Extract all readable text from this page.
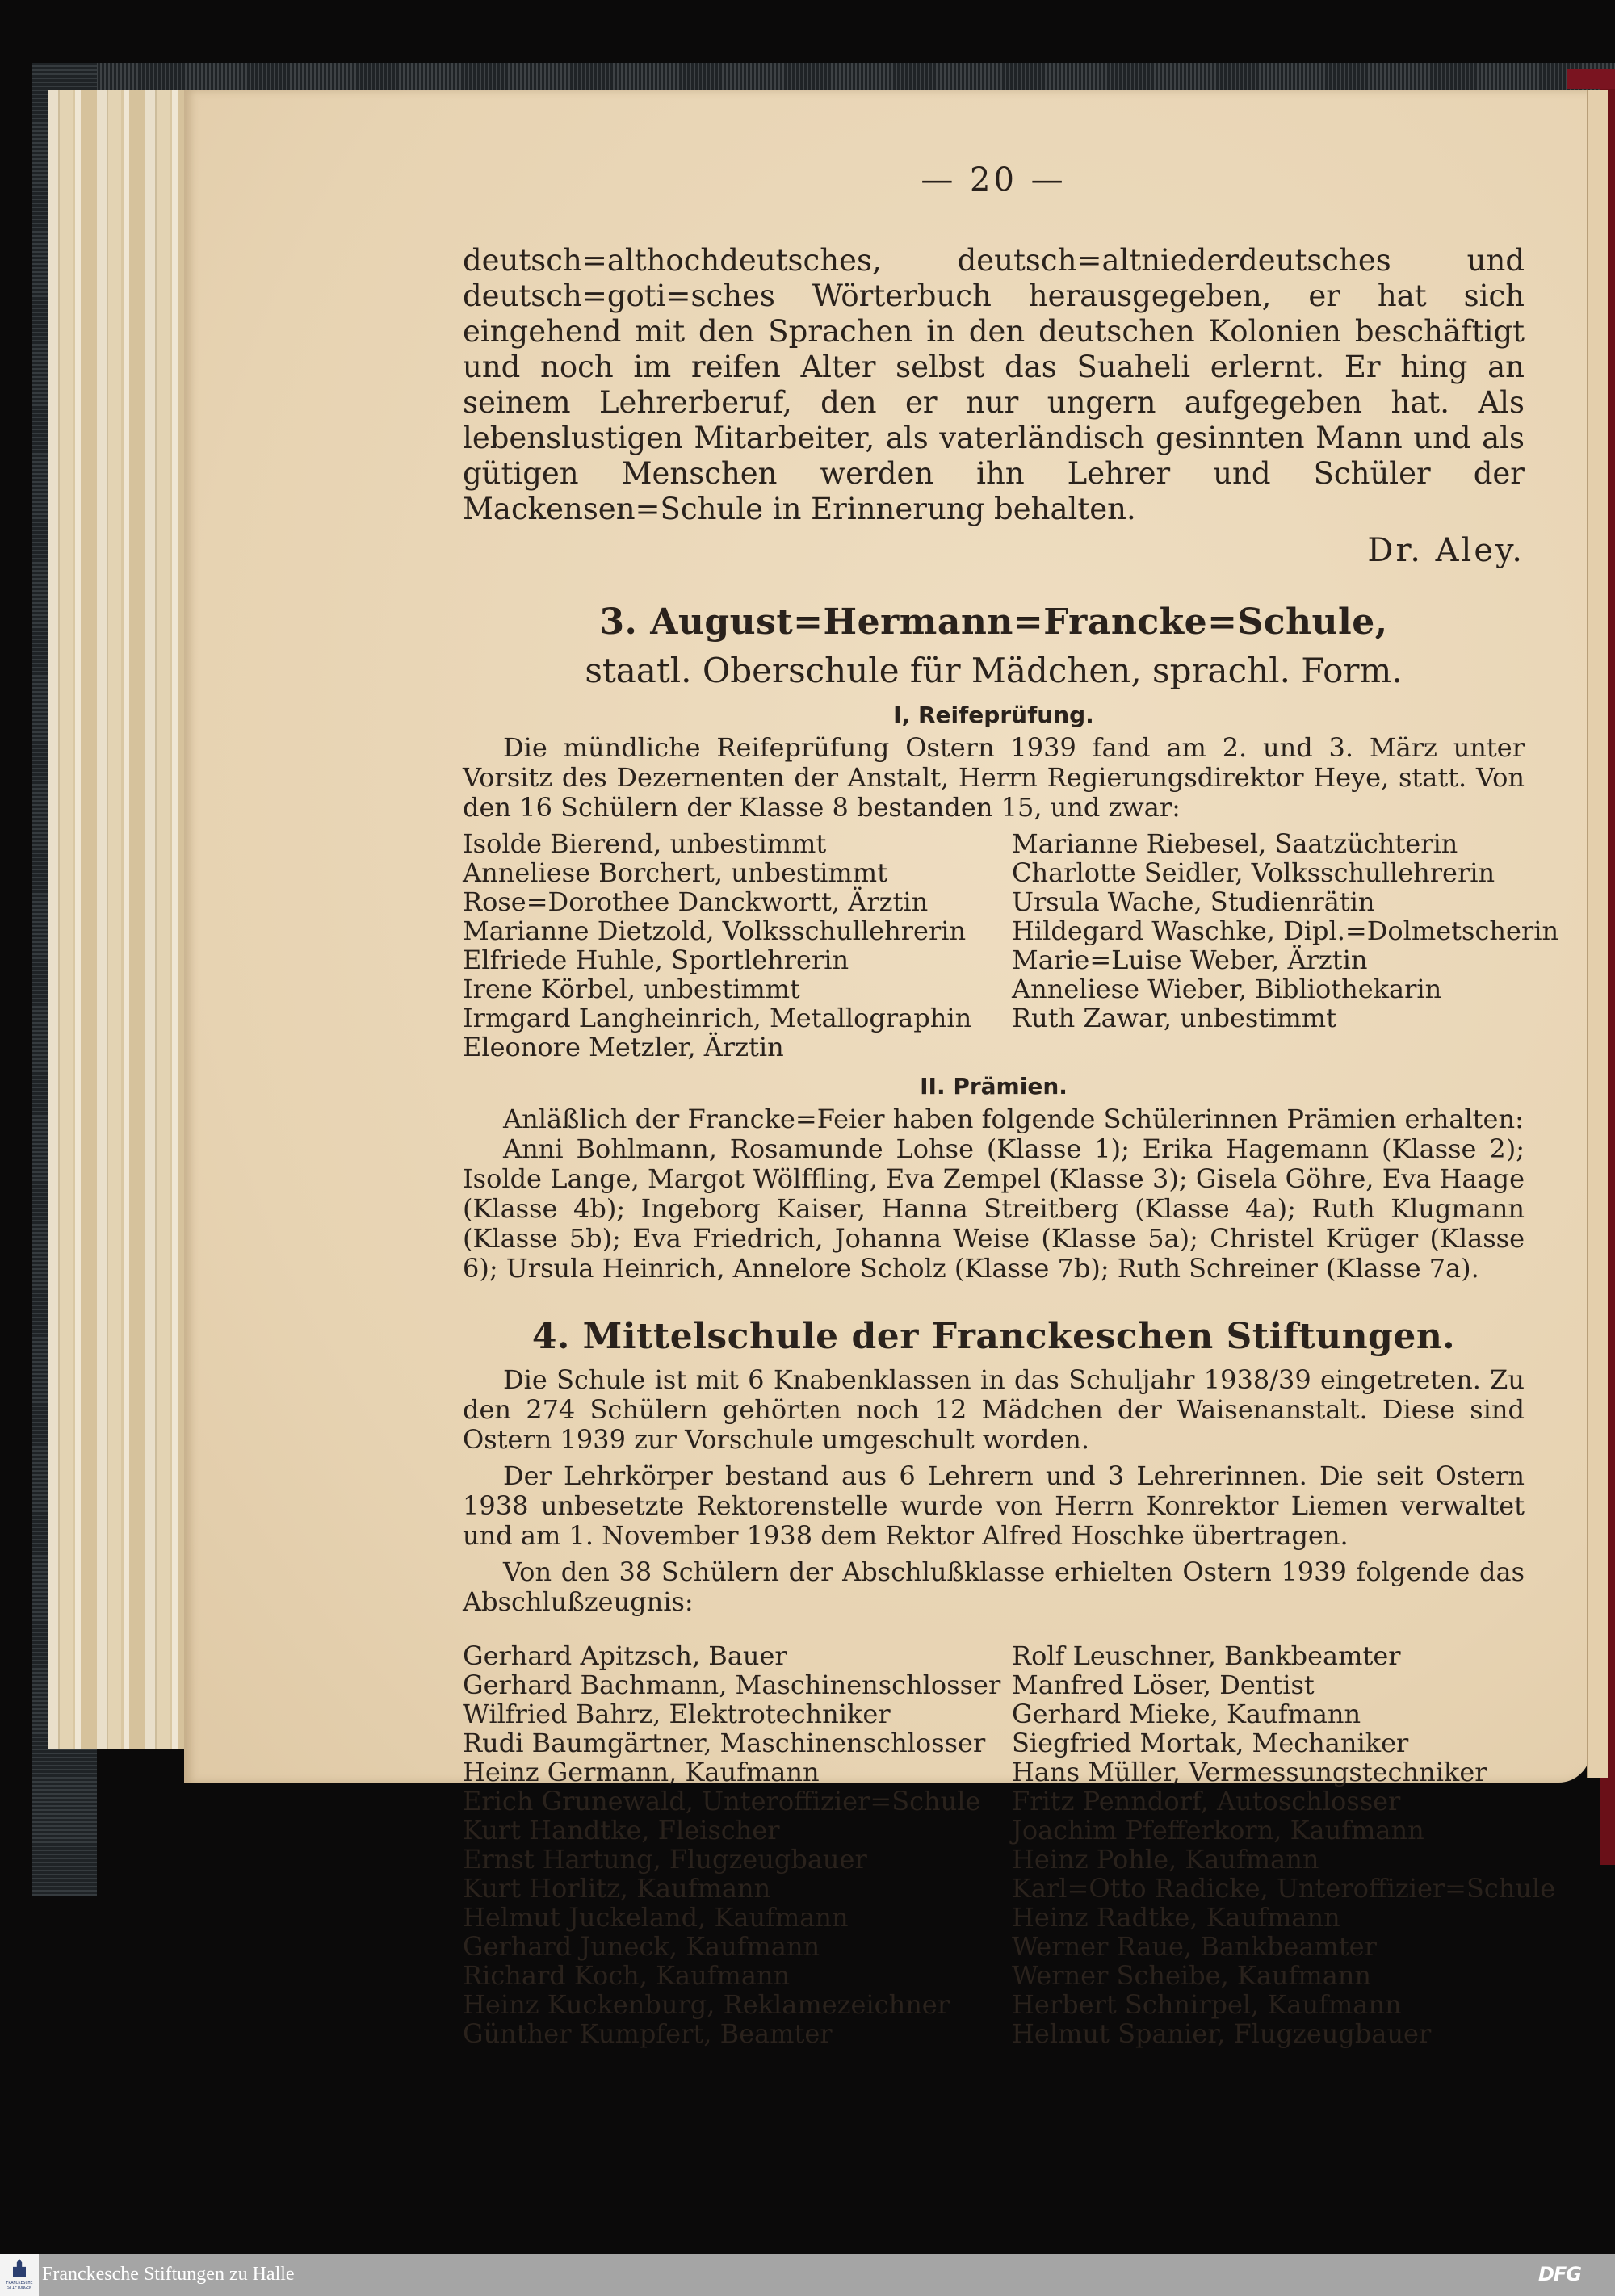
— 20 —

deutsch=althochdeutsches, deutsch=altniederdeutsches und deutsch=goti=sches Wörterbuch herausgegeben, er hat sich eingehend mit den Sprachen in den deutschen Kolonien beschäftigt und noch im reifen Alter selbst das Suaheli erlernt. Er hing an seinem Lehrerberuf, den er nur ungern aufgegeben hat. Als lebenslustigen Mitarbeiter, als vaterländisch gesinnten Mann und als gütigen Menschen werden ihn Lehrer und Schüler der Mackensen=Schule in Erinnerung behalten.

Dr. Aley.
3. August=Hermann=Francke=Schule,
staatl. Oberschule für Mädchen, sprachl. Form.
I, Reifeprüfung.

Die mündliche Reifeprüfung Ostern 1939 fand am 2. und 3. März unter Vorsitz des Dezernenten der Anstalt, Herrn Regierungsdirektor Heye, statt. Von den 16 Schülern der Klasse 8 bestanden 15, und zwar:

Isolde Bierend, unbestimmt
Anneliese Borchert, unbestimmt
Rose=Dorothee Danckwortt, Ärztin
Marianne Dietzold, Volksschullehrerin
Elfriede Huhle, Sportlehrerin
Irene Körbel, unbestimmt
Irmgard Langheinrich, Metallographin
Eleonore Metzler, Ärztin
Marianne Riebesel, Saatzüchterin
Charlotte Seidler, Volksschullehrerin
Ursula Wache, Studienrätin
Hildegard Waschke, Dipl.=Dolmetscherin
Marie=Luise Weber, Ärztin
Anneliese Wieber, Bibliothekarin
Ruth Zawar, unbestimmt
II. Prämien.

Anläßlich der Francke=Feier haben folgende Schülerinnen Prämien erhalten:

Anni Bohlmann, Rosamunde Lohse (Klasse 1); Erika Hagemann (Klasse 2); Isolde Lange, Margot Wölffling, Eva Zempel (Klasse 3); Gisela Göhre, Eva Haage (Klasse 4b); Ingeborg Kaiser, Hanna Streitberg (Klasse 4a); Ruth Klugmann (Klasse 5b); Eva Friedrich, Johanna Weise (Klasse 5a); Christel Krüger (Klasse 6); Ursula Heinrich, Annelore Scholz (Klasse 7b); Ruth Schreiner (Klasse 7a).

4. Mittelschule der Franckeschen Stiftungen.

Die Schule ist mit 6 Knabenklassen in das Schuljahr 1938/39 eingetreten. Zu den 274 Schülern gehörten noch 12 Mädchen der Waisenanstalt. Diese sind Ostern 1939 zur Vorschule umgeschult worden.

Der Lehrkörper bestand aus 6 Lehrern und 3 Lehrerinnen. Die seit Ostern 1938 unbesetzte Rektorenstelle wurde von Herrn Konrektor Liemen verwaltet und am 1. November 1938 dem Rektor Alfred Hoschke übertragen.

Von den 38 Schülern der Abschlußklasse erhielten Ostern 1939 folgende das Abschlußzeugnis:

Gerhard Apitzsch, Bauer
Gerhard Bachmann, Maschinenschlosser
Wilfried Bahrz, Elektrotechniker
Rudi Baumgärtner, Maschinenschlosser
Heinz Germann, Kaufmann
Erich Grunewald, Unteroffizier=Schule
Kurt Handtke, Fleischer
Ernst Hartung, Flugzeugbauer
Kurt Horlitz, Kaufmann
Helmut Juckeland, Kaufmann
Gerhard Juneck, Kaufmann
Richard Koch, Kaufmann
Heinz Kuckenburg, Reklamezeichner
Günther Kumpfert, Beamter
Rolf Leuschner, Bankbeamter
Manfred Löser, Dentist
Gerhard Mieke, Kaufmann
Siegfried Mortak, Mechaniker
Hans Müller, Vermessungstechniker
Fritz Penndorf, Autoschlosser
Joachim Pfefferkorn, Kaufmann
Heinz Pohle, Kaufmann
Karl=Otto Radicke, Unteroffizier=Schule
Heinz Radtke, Kaufmann
Werner Raue, Bankbeamter
Werner Scheibe, Kaufmann
Herbert Schnirpel, Kaufmann
Helmut Spanier, Flugzeugbauer
FRANCKESCHE STIFTUNGEN
Franckesche Stiftungen zu Halle	DFG
